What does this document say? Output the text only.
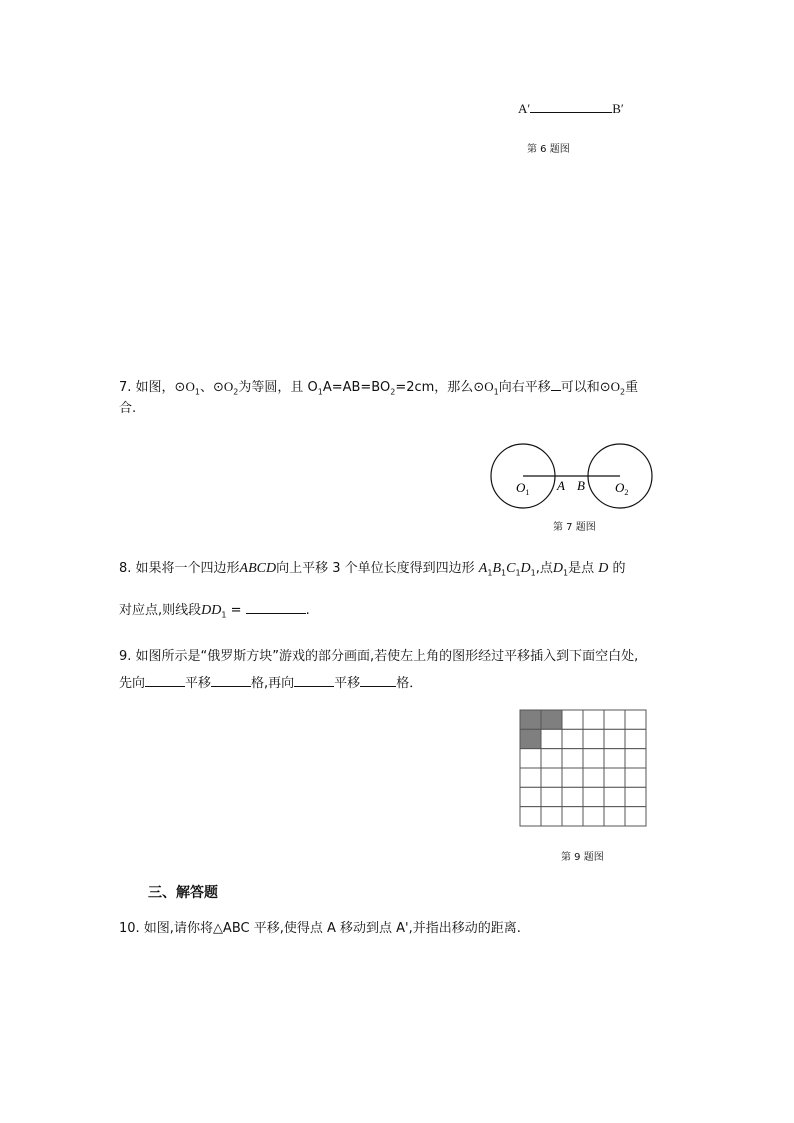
A′	B′
第 6 题图
7. 如图，$⊙O_1$、$⊙O_2$为等圆，且 $O_1A=AB=BO_2=2cm$，那么$⊙O_1$向右平移 可以和$⊙O_2$重
合.
$O_1$ A B $O_2$
第 7 题图
8. 如果将一个四边形ABCD向上平移 3 个单位长度得到四边形 $A_1B_1C_1D_1$,点$D_1$是点 D 的
对应点,则线段$DD_1$ =	.
9. 如图所示是“俄罗斯方块”游戏的部分画面,若使左上角的图形经过平移插入到下面空白处,
先向	平移	格,再向	平移	格．
第 9 题图
三、解答题
10. 如图,请你将△ABC 平移,使得点 A 移动到点 A',并指出移动的距离.
